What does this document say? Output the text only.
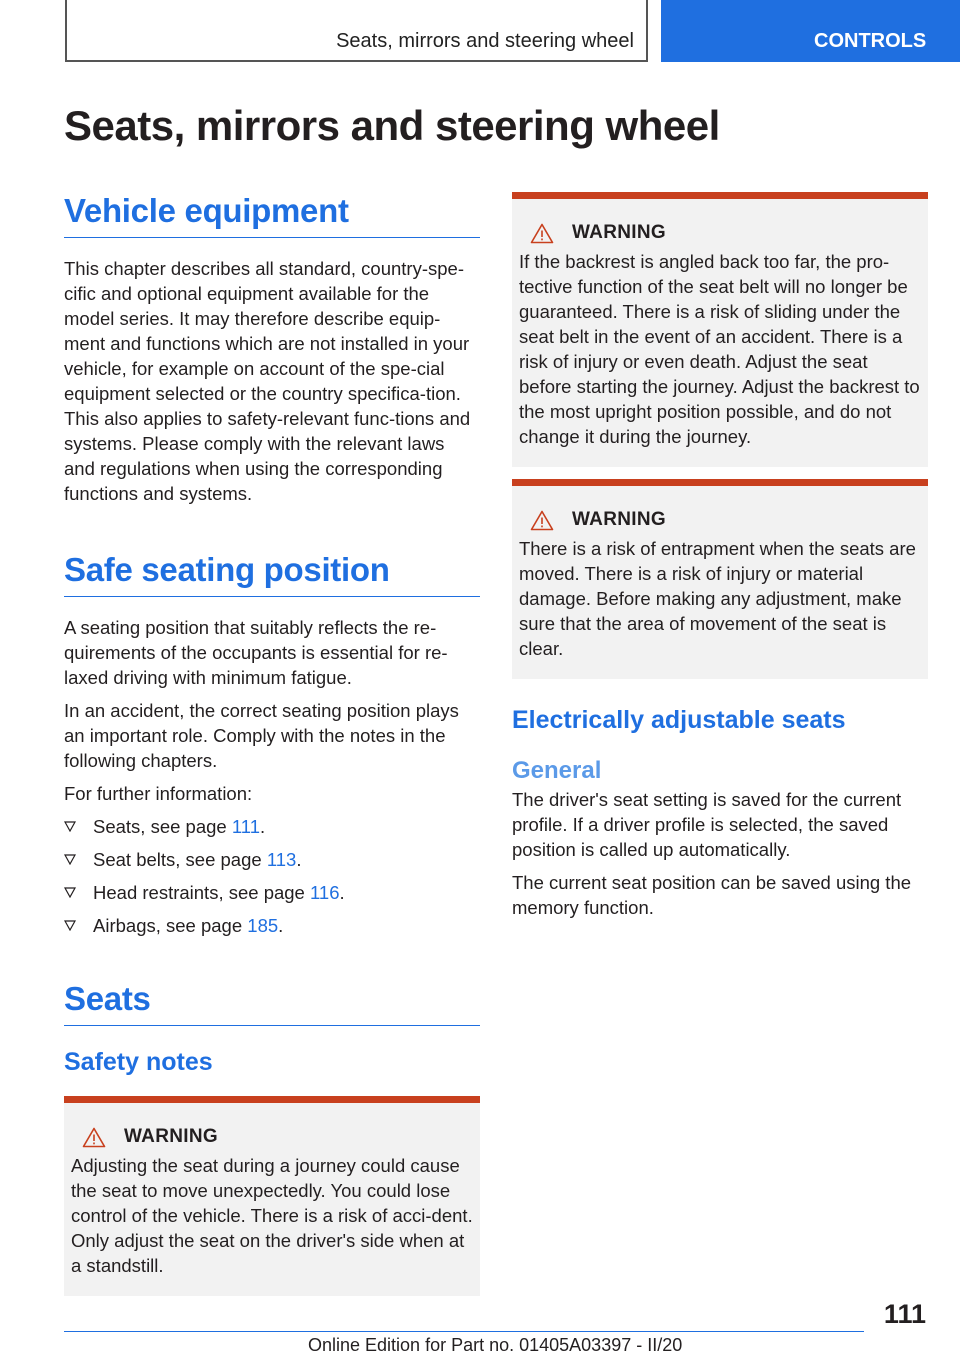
Seats, mirrors and steering wheel	CONTROLS
Seats, mirrors and steering wheel
Vehicle equipment

This chapter describes all standard, country-spe-cific and optional equipment available for the model series. It may therefore describe equip-ment and functions which are not installed in your vehicle, for example on account of the spe-cial equipment selected or the country specifica-tion. This also applies to safety-relevant func-tions and systems. Please comply with the relevant laws and regulations when using the corresponding functions and systems.

Safe seating position

A seating position that suitably reflects the re-quirements of the occupants is essential for re-laxed driving with minimum fatigue.

In an accident, the correct seating position plays an important role. Comply with the notes in the following chapters.

For further information:

Seats, see page 111.
Seat belts, see page 113.
Head restraints, see page 116.
Airbags, see page 185.
Seats
Safety notes
WARNING

Adjusting the seat during a journey could cause the seat to move unexpectedly. You could lose control of the vehicle. There is a risk of acci-dent. Only adjust the seat on the driver's side when at a standstill.

WARNING

If the backrest is angled back too far, the pro-tective function of the seat belt will no longer be guaranteed. There is a risk of sliding under the seat belt in the event of an accident. There is a risk of injury or even death. Adjust the seat before starting the journey. Adjust the backrest to the most upright position possible, and do not change it during the journey.

WARNING

There is a risk of entrapment when the seats are moved. There is a risk of injury or material damage. Before making any adjustment, make sure that the area of movement of the seat is clear.

Electrically adjustable seats
General

The driver's seat setting is saved for the current profile. If a driver profile is selected, the saved position is called up automatically.

The current seat position can be saved using the memory function.

111
Online Edition for Part no. 01405A03397 - II/20
